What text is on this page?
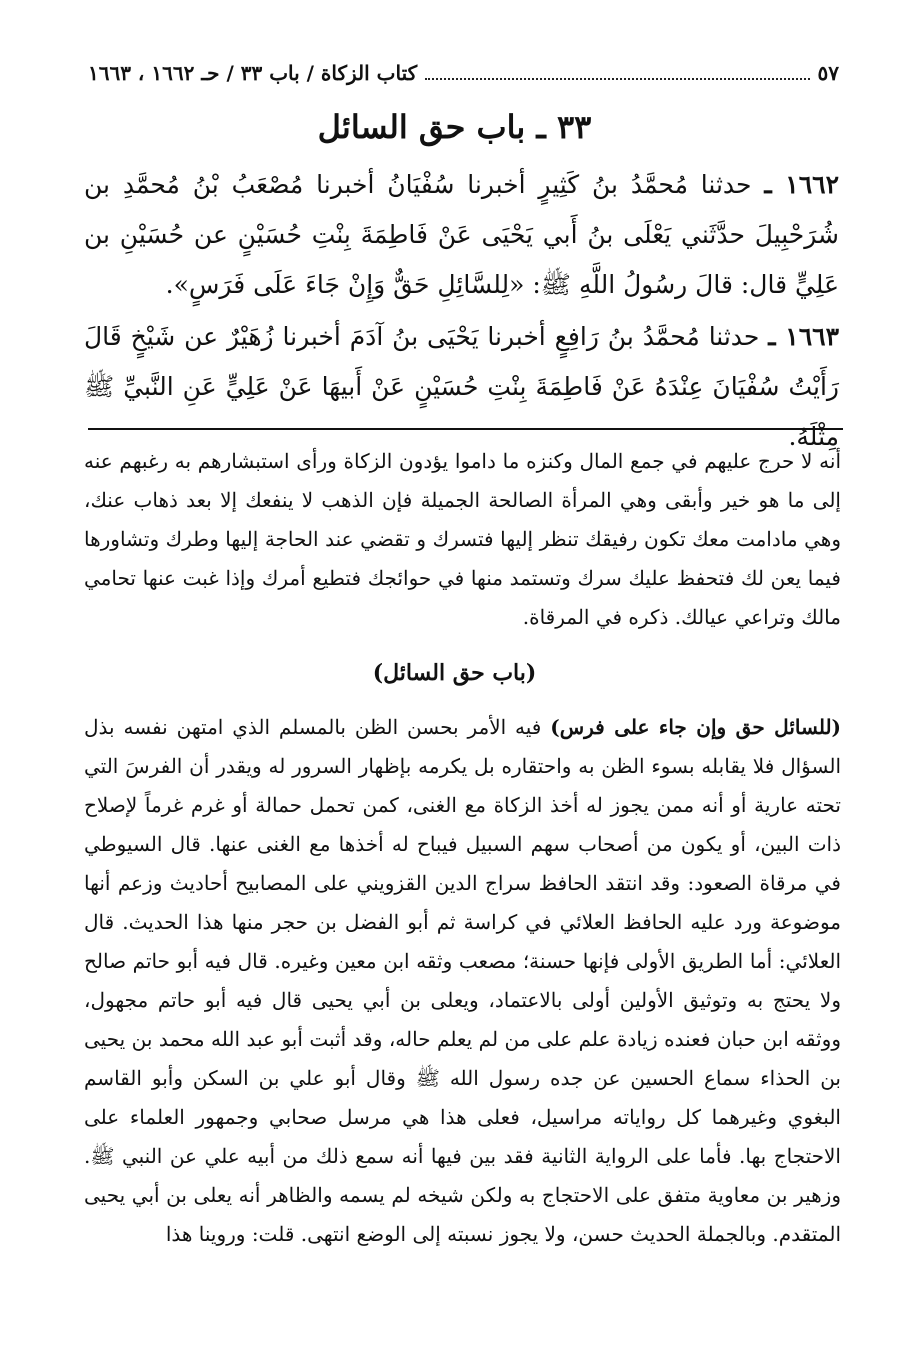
كتاب الزكاة / باب ٣٣ / حـ ١٦٦٢ ، ١٦٦٣	٥٧
٣٣ ـ باب حق السائل
١٦٦٢ ـ حدثنا مُحمَّدُ بنُ كَثِيرٍ أخبرنا سُفْيَانُ أخبرنا مُصْعَبُ بْنُ مُحمَّدِ بن شُرَحْبِيلَ حدَّثَني يَعْلَى بنُ أَبي يَحْيَى عَنْ فَاطِمَةَ بِنْتِ حُسَيْنٍ عن حُسَيْنِ بن عَلِيٍّ قال: قالَ رسُولُ اللَّهِ ﷺ: «لِلسَّائِلِ حَقٌّ وَإِنْ جَاءَ عَلَى فَرَسٍ».
١٦٦٣ ـ حدثنا مُحمَّدُ بنُ رَافِعٍ أخبرنا يَحْيَى بنُ آدَمَ أخبرنا زُهَيْرٌ عن شَيْخٍ قَالَ رَأَيْتُ سُفْيَانَ عِنْدَهُ عَنْ فَاطِمَةَ بِنْتِ حُسَيْنٍ عَنْ أَبيهَا عَنْ عَلِيٍّ عَنِ النَّبيِّ ﷺ مِثْلَهُ.
أنه لا حرج عليهم في جمع المال وكنزه ما داموا يؤدون الزكاة ورأى استبشارهم به رغبهم عنه إلى ما هو خير وأبقى وهي المرأة الصالحة الجميلة فإن الذهب لا ينفعك إلا بعد ذهاب عنك، وهي مادامت معك تكون رفيقك تنظر إليها فتسرك و تقضي عند الحاجة إليها وطرك وتشاورها فيما يعن لك فتحفظ عليك سرك وتستمد منها في حوائجك فتطيع أمرك وإذا غبت عنها تحامي مالك وتراعي عيالك. ذكره في المرقاة.
(باب حق السائل)
(للسائل حق وإن جاء على فرس) فيه الأمر بحسن الظن بالمسلم الذي امتهن نفسه بذل السؤال فلا يقابله بسوء الظن به واحتقاره بل يكرمه بإظهار السرور له ويقدر أن الفرسَ التي تحته عارية أو أنه ممن يجوز له أخذ الزكاة مع الغنى، كمن تحمل حمالة أو غرم غرماً لإصلاح ذات البين، أو يكون من أصحاب سهم السبيل فيباح له أخذها مع الغنى عنها. قال السيوطي في مرقاة الصعود: وقد انتقد الحافظ سراج الدين القزويني على المصابيح أحاديث وزعم أنها موضوعة ورد عليه الحافظ العلائي في كراسة ثم أبو الفضل بن حجر منها هذا الحديث. قال العلائي: أما الطريق الأولى فإنها حسنة؛ مصعب وثقه ابن معين وغيره. قال فيه أبو حاتم صالح ولا يحتج به وتوثيق الأولين أولى بالاعتماد، ويعلى بن أبي يحيى قال فيه أبو حاتم مجهول، ووثقه ابن حبان فعنده زيادة علم على من لم يعلم حاله، وقد أثبت أبو عبد الله محمد بن يحيى بن الحذاء سماع الحسين عن جده رسول الله ﷺ وقال أبو علي بن السكن وأبو القاسم البغوي وغيرهما كل رواياته مراسيل، فعلى هذا هي مرسل صحابي وجمهور العلماء على الاحتجاج بها. فأما على الرواية الثانية فقد بين فيها أنه سمع ذلك من أبيه علي عن النبي ﷺ. وزهير بن معاوية متفق على الاحتجاج به ولكن شيخه لم يسمه والظاهر أنه يعلى بن أبي يحيى المتقدم. وبالجملة الحديث حسن، ولا يجوز نسبته إلى الوضع انتهى. قلت: وروينا هذا
